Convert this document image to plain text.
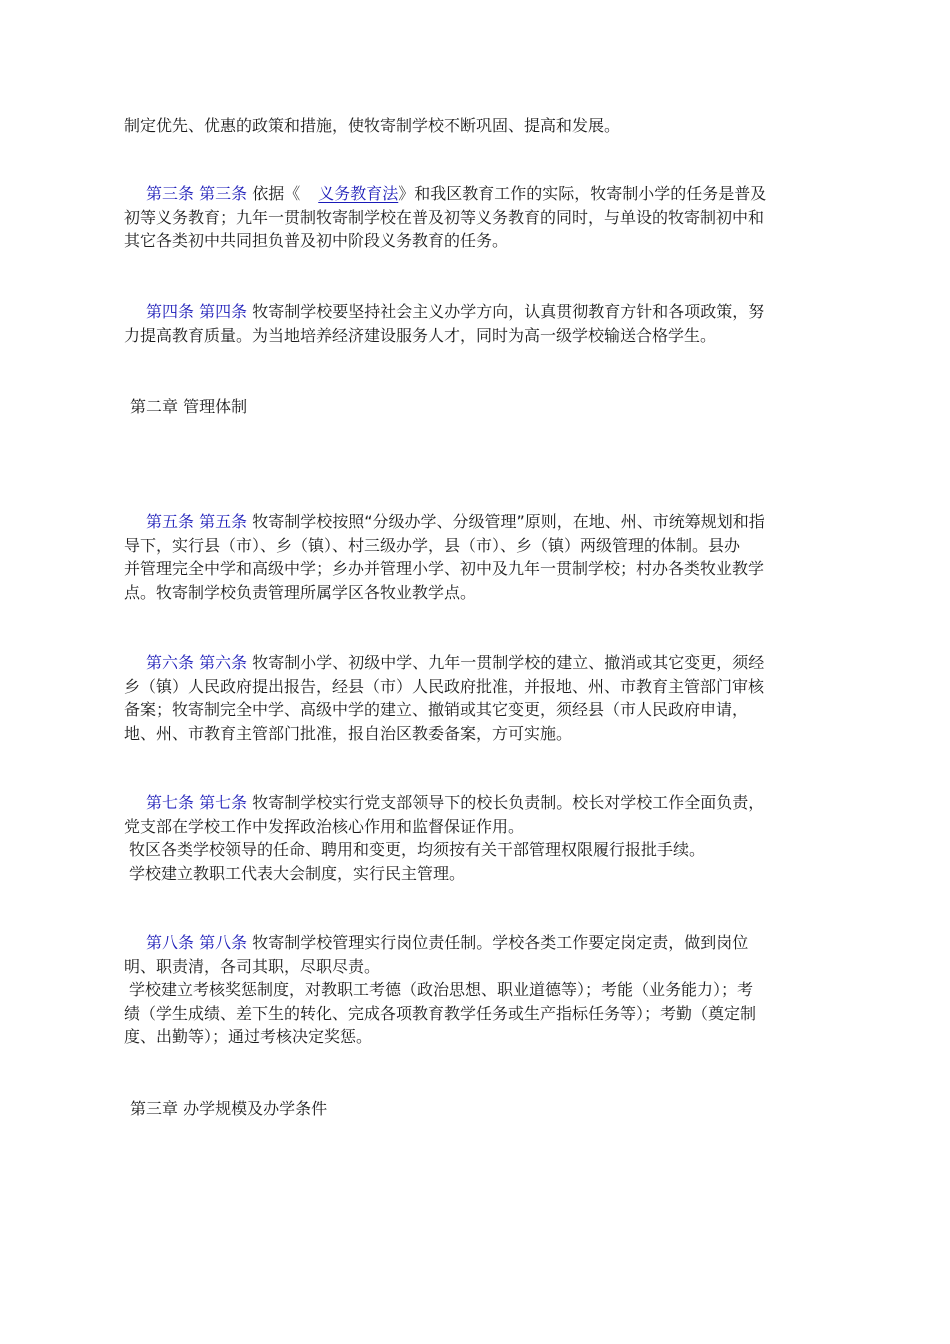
制定优先、优惠的政策和措施，使牧寄制学校不断巩固、提高和发展。

第三条 第三条 依据《 义务教育法》和我区教育工作的实际，牧寄制小学的任务是普及
初等义务教育；九年一贯制牧寄制学校在普及初等义务教育的同时，与单设的牧寄制初中和
其它各类初中共同担负普及初中阶段义务教育的任务。

第四条 第四条 牧寄制学校要坚持社会主义办学方向，认真贯彻教育方针和各项政策，努
力提高教育质量。为当地培养经济建设服务人才，同时为高一级学校输送合格学生。

第二章 管理体制

第五条 第五条 牧寄制学校按照“分级办学、分级管理”原则，在地、州、市统筹规划和指
导下，实行县（市）、乡（镇）、村三级办学，县（市）、乡（镇）两级管理的体制。县办
并管理完全中学和高级中学；乡办并管理小学、初中及九年一贯制学校；村办各类牧业教学
点。牧寄制学校负责管理所属学区各牧业教学点。

第六条 第六条 牧寄制小学、初级中学、九年一贯制学校的建立、撤消或其它变更，须经
乡（镇）人民政府提出报告，经县（市）人民政府批准，并报地、州、市教育主管部门审核
备案；牧寄制完全中学、高级中学的建立、撤销或其它变更，须经县（市人民政府申请，
地、州、市教育主管部门批准，报自治区教委备案，方可实施。

第七条 第七条 牧寄制学校实行党支部领导下的校长负责制。校长对学校工作全面负责，
党支部在学校工作中发挥政治核心作用和监督保证作用。
牧区各类学校领导的任命、聘用和变更，均须按有关干部管理权限履行报批手续。
学校建立教职工代表大会制度，实行民主管理。

第八条 第八条 牧寄制学校管理实行岗位责任制。学校各类工作要定岗定责，做到岗位
明、职责清，各司其职，尽职尽责。
学校建立考核奖惩制度，对教职工考德（政治思想、职业道德等）；考能（业务能力）；考
绩（学生成绩、差下生的转化、完成各项教育教学任务或生产指标任务等）；考勤（奠定制
度、出勤等）；通过考核决定奖惩。

第三章 办学规模及办学条件
